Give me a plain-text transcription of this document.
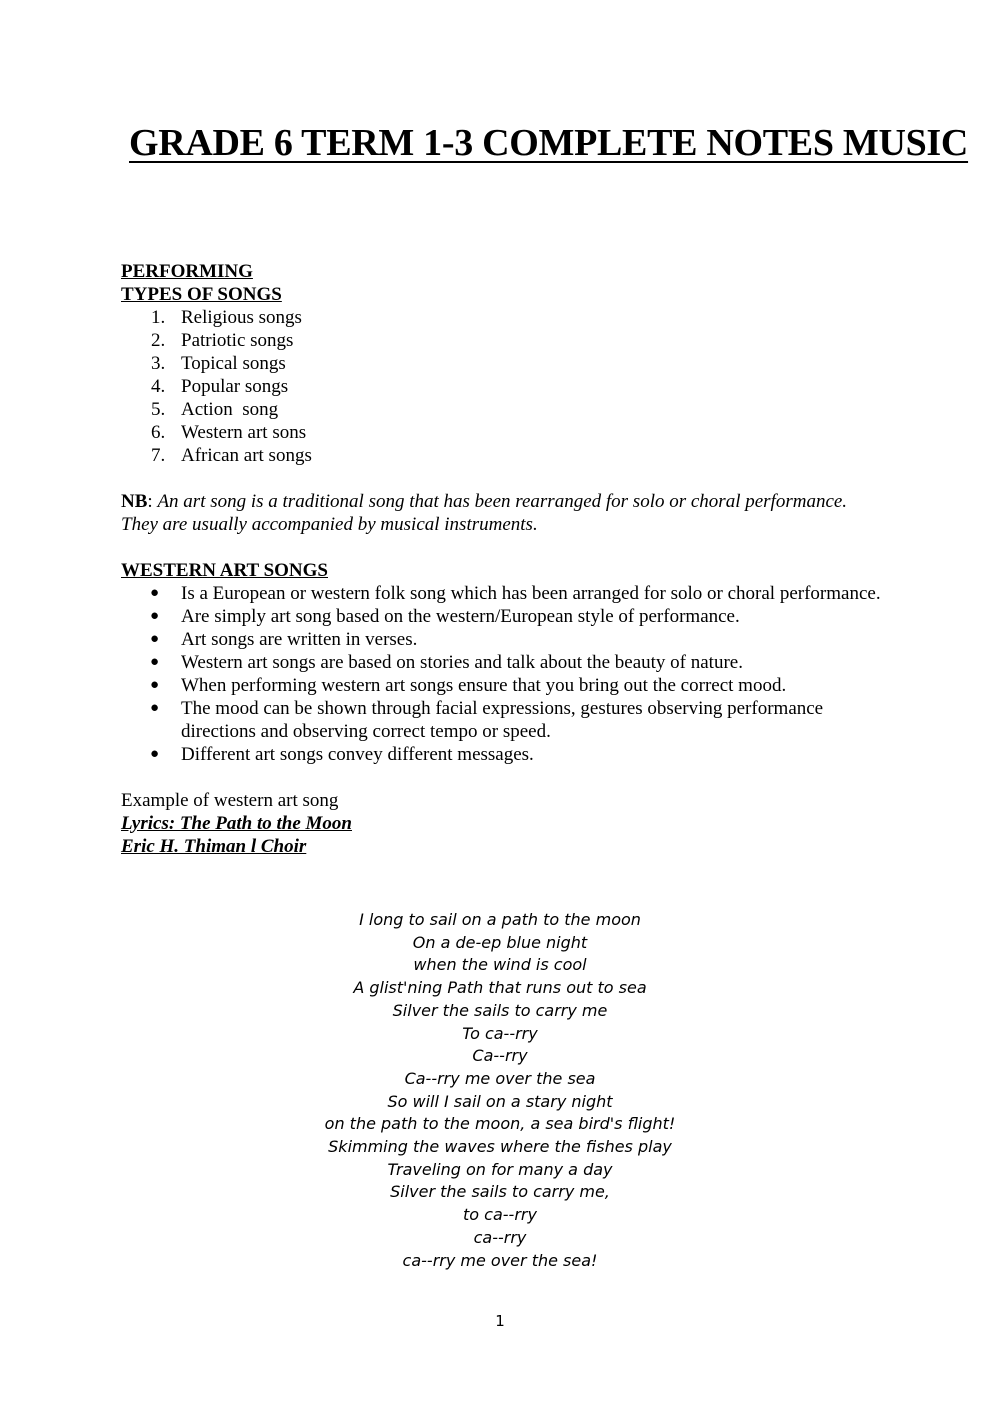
GRADE 6 TERM 1-3 COMPLETE NOTES MUSIC

PERFORMING

TYPES OF SONGS

1. Religious songs
2. Patriotic songs
3. Topical songs
4. Popular songs
5. Action  song
6. Western art sons
7. African art songs

NB: An art song is a traditional song that has been rearranged for solo or choral performance.

They are usually accompanied by musical instruments.

WESTERN ART SONGS

● Is a European or western folk song which has been arranged for solo or choral performance.
● Are simply art song based on the western/European style of performance.
● Art songs are written in verses.
● Western art songs are based on stories and talk about the beauty of nature.
● When performing western art songs ensure that you bring out the correct mood.
● The mood can be shown through facial expressions, gestures observing performance directions and observing correct tempo or speed.
● Different art songs convey different messages.

Example of western art song

Lyrics: The Path to the Moon

Eric H. Thiman l Choir

I long to sail on a path to the moon
On a de-ep blue night
when the wind is cool
A glist'ning Path that runs out to sea
Silver the sails to carry me
To ca--rry
Ca--rry
Ca--rry me over the sea
So will I sail on a stary night
on the path to the moon, a sea bird's flight!
Skimming the waves where the fishes play
Traveling on for many a day
Silver the sails to carry me,
to ca--rry
ca--rry
ca--rry me over the sea!
1
